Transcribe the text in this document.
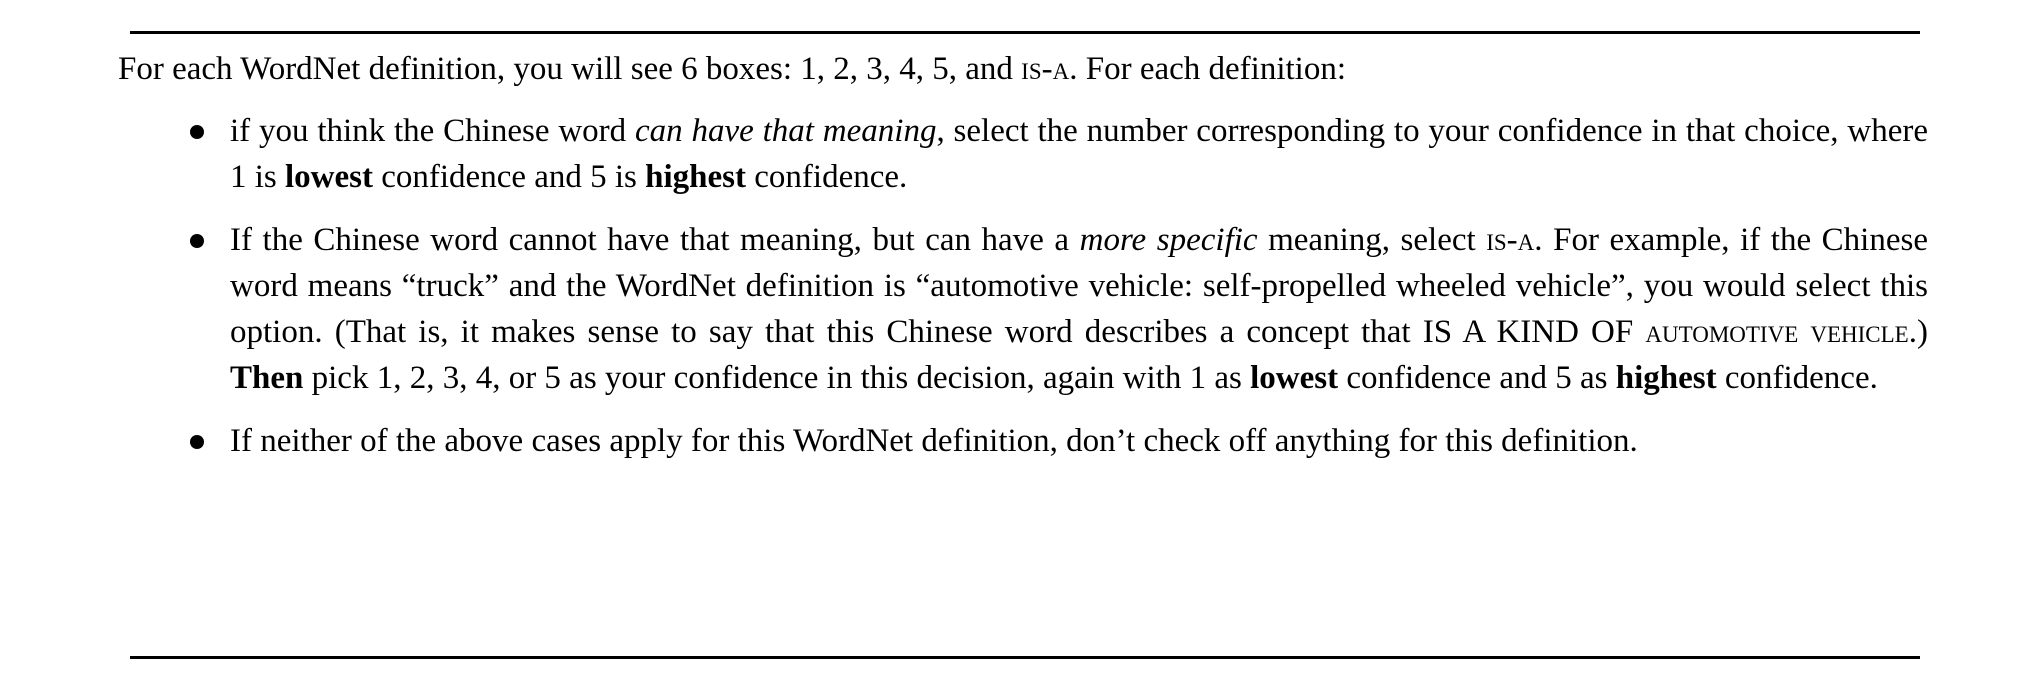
For each WordNet definition, you will see 6 boxes: 1, 2, 3, 4, 5, and is-a. For each definition:
if you think the Chinese word can have that meaning, select the number corresponding to your confidence in that choice, where 1 is lowest confidence and 5 is highest confidence.
If the Chinese word cannot have that meaning, but can have a more specific meaning, select is-a. For example, if the Chinese word means “truck” and the WordNet definition is “automotive vehicle: self-propelled wheeled vehicle”, you would select this option. (That is, it makes sense to say that this Chinese word describes a concept that IS A KIND OF automotive vehicle.) Then pick 1, 2, 3, 4, or 5 as your confidence in this decision, again with 1 as lowest confidence and 5 as highest confidence.
If neither of the above cases apply for this WordNet definition, don’t check off anything for this definition.
